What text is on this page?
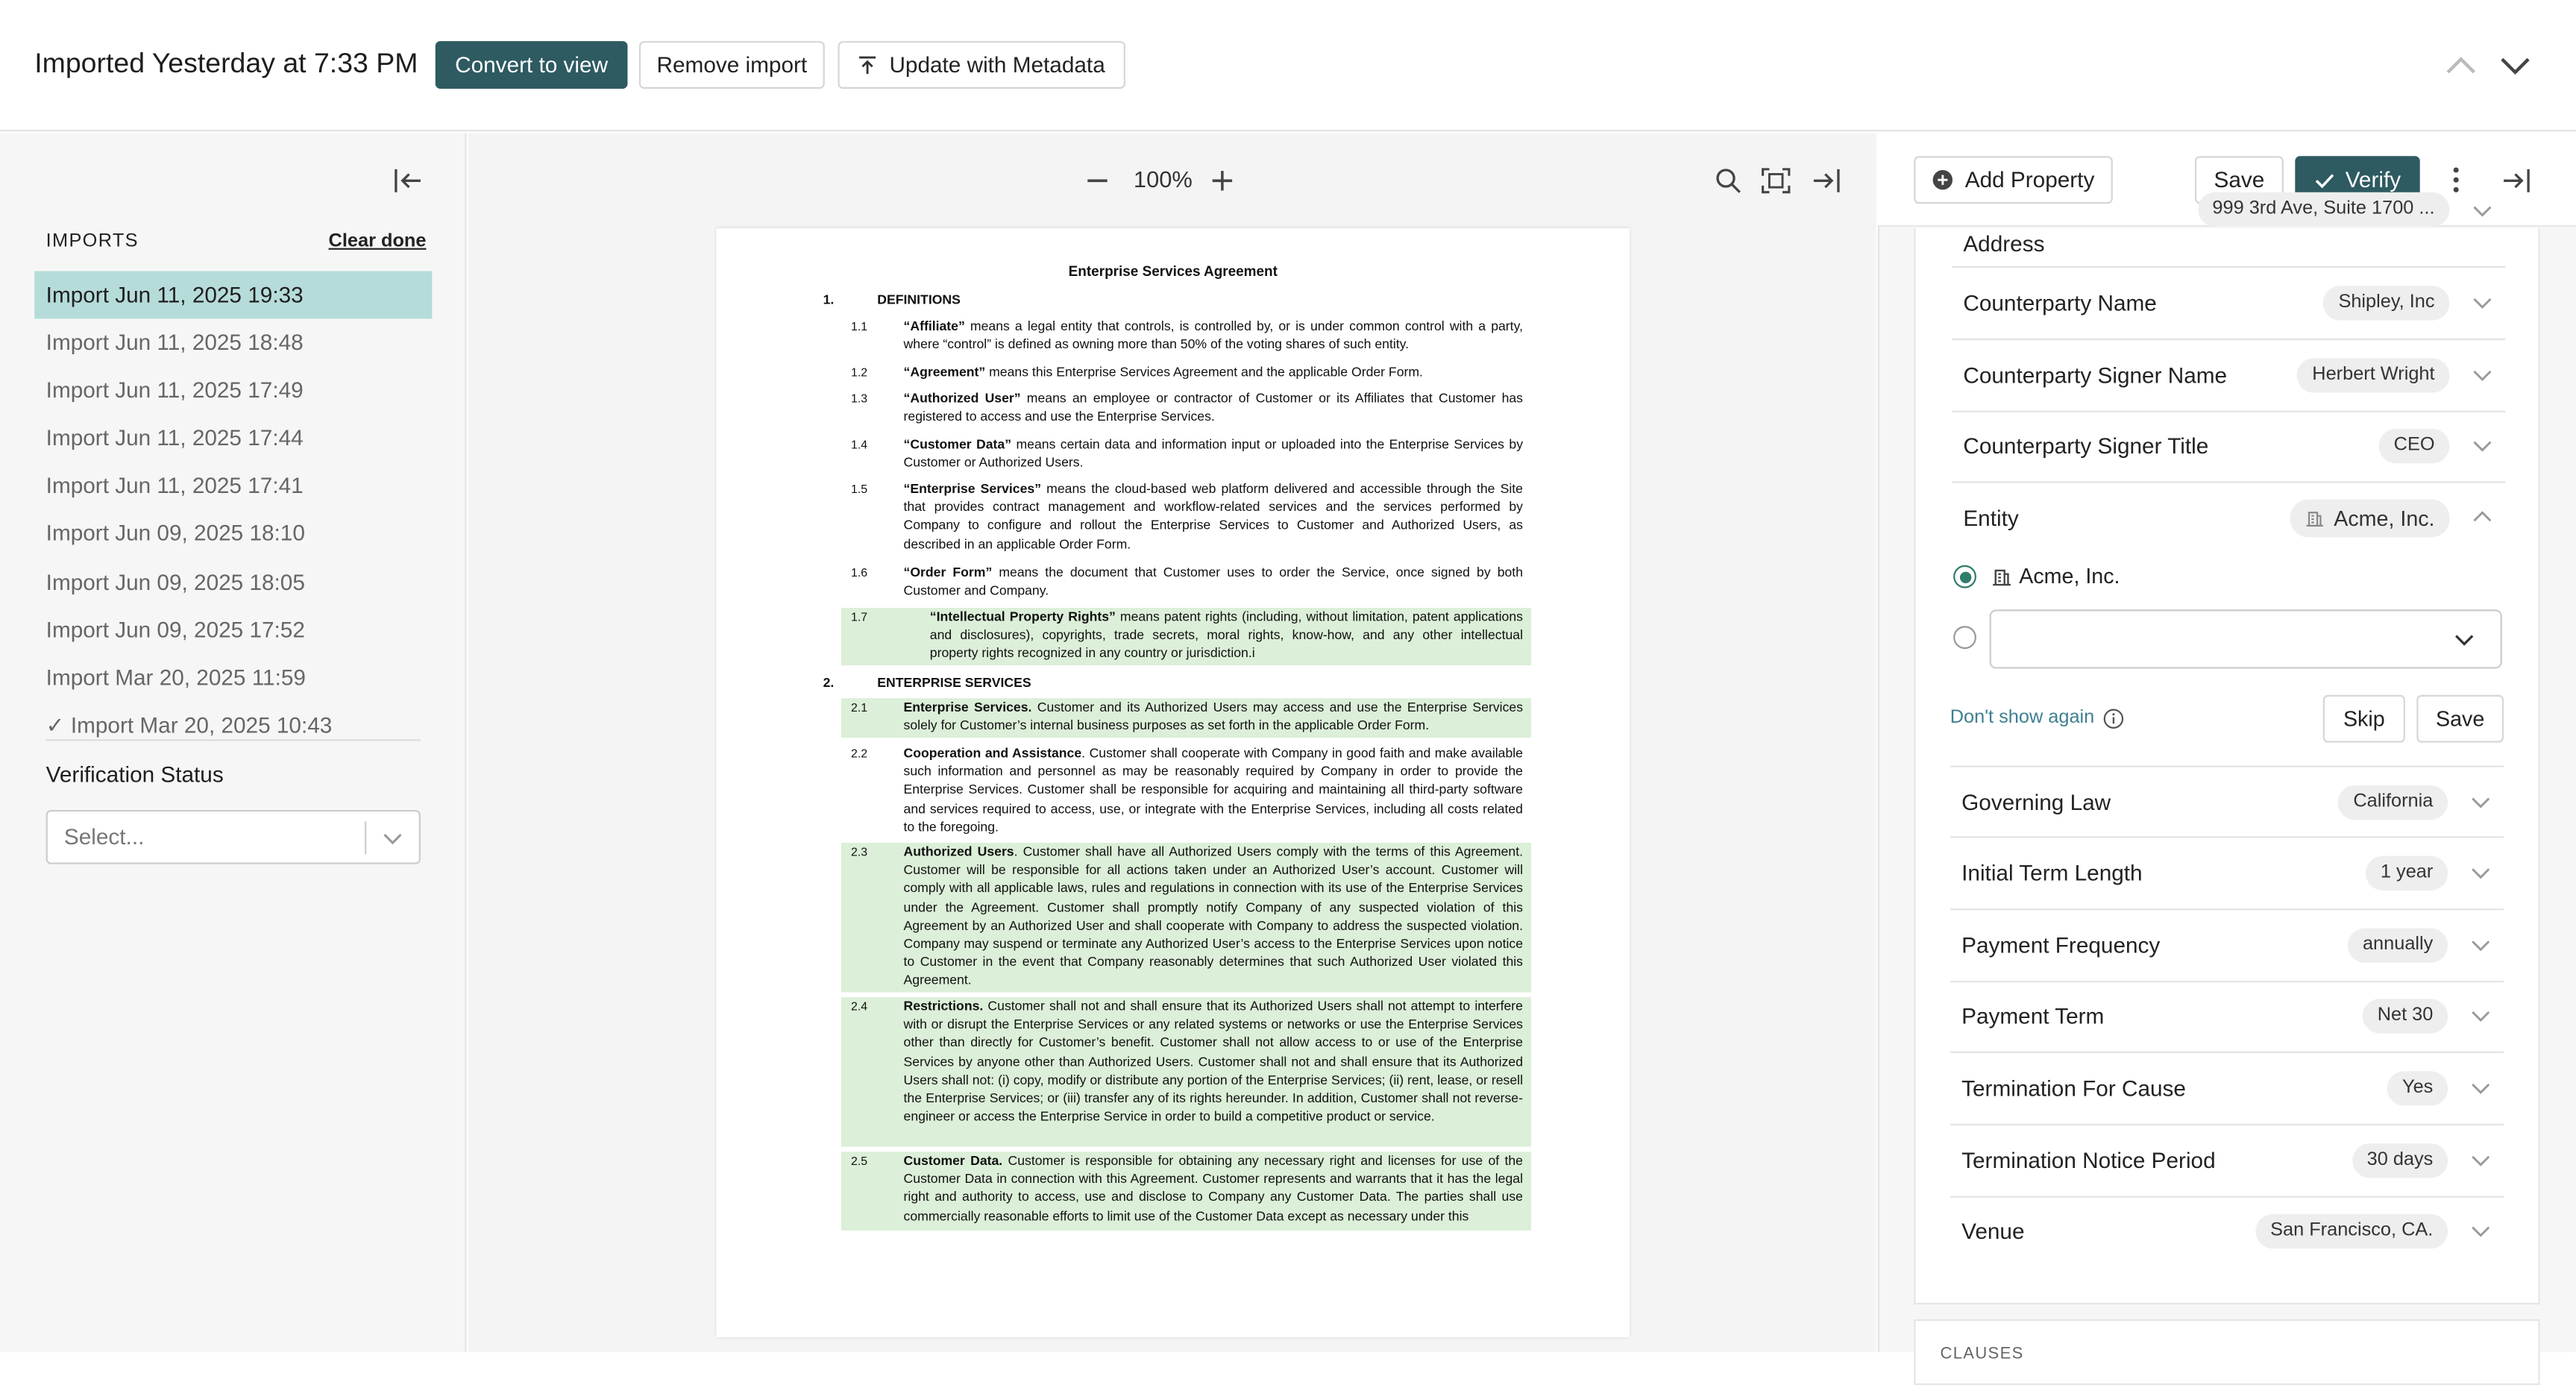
Imported Yesterday at 7:33 PM	Convert to view	Remove import	Update with Metadata
IMPORTS	Clear done
Import Jun 11, 2025 19:33
Import Jun 11, 2025 18:48
Import Jun 11, 2025 17:49
Import Jun 11, 2025 17:44
Import Jun 11, 2025 17:41
Import Jun 09, 2025 18:10
Import Jun 09, 2025 18:05
Import Jun 09, 2025 17:52
Import Mar 20, 2025 11:59
✓ Import Mar 20, 2025 10:43
Verification Status
Select...
100%
Enterprise Services Agreement
1.	DEFINITIONS
1.1	“Affiliate” means a legal entity that controls, is controlled by, or is under common control with a party, where “control” is defined as owning more than 50% of the voting shares of such entity.
1.2	“Agreement” means this Enterprise Services Agreement and the applicable Order Form.
1.3	“Authorized User” means an employee or contractor of Customer or its Affiliates that Customer has registered to access and use the Enterprise Services.
1.4	“Customer Data” means certain data and information input or uploaded into the Enterprise Services by Customer or Authorized Users.
1.5	“Enterprise Services” means the cloud-based web platform delivered and accessible through the Site that provides contract management and workflow-related services and the services performed by Company to configure and rollout the Enterprise Services to Customer and Authorized Users, as described in an applicable Order Form.
1.6	“Order Form” means the document that Customer uses to order the Service, once signed by both Customer and Company.
1.7	“Intellectual Property Rights” means patent rights (including, without limitation, patent applications and disclosures), copyrights, trade secrets, moral rights, know-how, and any other intellectual property rights recognized in any country or jurisdiction.i
2.	ENTERPRISE SERVICES
2.1	Enterprise Services. Customer and its Authorized Users may access and use the Enterprise Services solely for Customer’s internal business purposes as set forth in the applicable Order Form.
2.2	Cooperation and Assistance. Customer shall cooperate with Company in good faith and make available such information and personnel as may be reasonably required by Company in order to provide the Enterprise Services. Customer shall be responsible for acquiring and maintaining all third-party software and services required to access, use, or integrate with the Enterprise Services, including all costs related to the foregoing.
2.3	Authorized Users. Customer shall have all Authorized Users comply with the terms of this Agreement. Customer will be responsible for all actions taken under an Authorized User’s account. Customer will comply with all applicable laws, rules and regulations in connection with its use of the Enterprise Services under the Agreement. Customer shall promptly notify Company of any suspected violation of this Agreement by an Authorized User and shall cooperate with Company to address the suspected violation. Company may suspend or terminate any Authorized User’s access to the Enterprise Services upon notice to Customer in the event that Company reasonably determines that such Authorized User violated this Agreement.
2.4	Restrictions. Customer shall not and shall ensure that its Authorized Users shall not attempt to interfere with or disrupt the Enterprise Services or any related systems or networks or use the Enterprise Services other than directly for Customer’s benefit. Customer shall not allow access to or use of the Enterprise Services by anyone other than Authorized Users. Customer shall not and shall ensure that its Authorized Users shall not: (i) copy, modify or distribute any portion of the Enterprise Services; (ii) rent, lease, or resell the Enterprise Services; or (iii) transfer any of its rights hereunder. In addition, Customer shall not reverse-engineer or access the Enterprise Service in order to build a competitive product or service.
2.5	Customer Data. Customer is responsible for obtaining any necessary right and licenses for use of the Customer Data in connection with this Agreement. Customer represents and warrants that it has the legal right and authority to access, use and disclose to Company any Customer Data. The parties shall use commercially reasonable efforts to limit use of the Customer Data except as necessary under this
Add Property	Save	Verify
Address
999 3rd Ave, Suite 1700 ...
Counterparty Name	Shipley, Inc
Counterparty Signer Name	Herbert Wright
Counterparty Signer Title	CEO
Entity	Acme, Inc.
Acme, Inc.
Don't show again	Skip	Save
Governing Law	California
Initial Term Length	1 year
Payment Frequency	annually
Payment Term	Net 30
Termination For Cause	Yes
Termination Notice Period	30 days
Venue	San Francisco, CA.
CLAUSES
